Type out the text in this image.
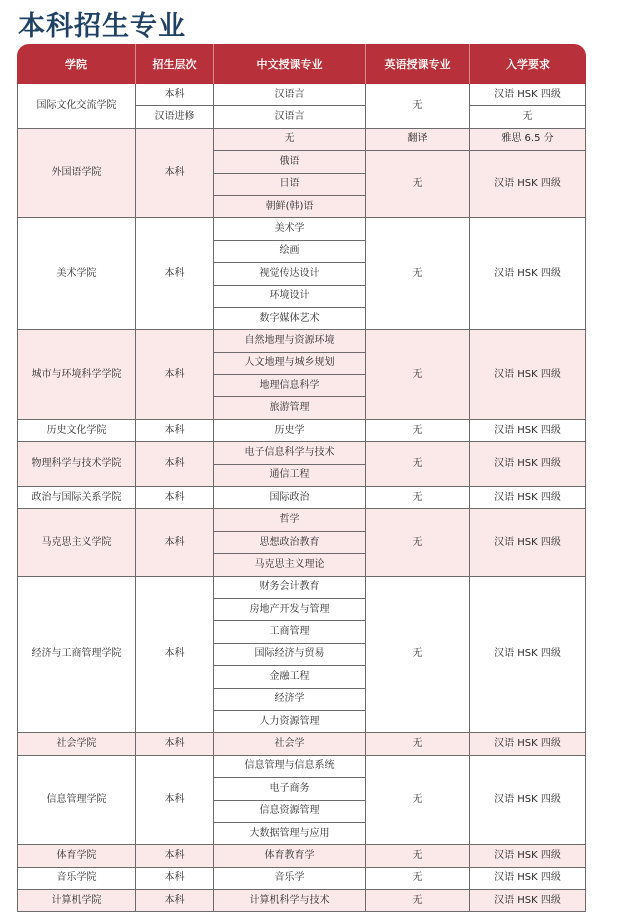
本科招生专业
学院	招生层次	中文授课专业	英语授课专业	入学要求
国际文化交流学院	本科	汉语言	无	汉语 HSK 四级
	汉语进修	汉语言		无
外国语学院	本科	无	翻译	雅思 6.5 分
		俄语	无	汉语 HSK 四级
		日语		
		朝鲜(韩)语		
美术学院	本科	美术学	无	汉语 HSK 四级
		绘画		
		视觉传达设计		
		环境设计		
		数字媒体艺术		
城市与环境科学学院	本科	自然地理与资源环境	无	汉语 HSK 四级
		人文地理与城乡规划		
		地理信息科学		
		旅游管理		
历史文化学院	本科	历史学	无	汉语 HSK 四级
物理科学与技术学院	本科	电子信息科学与技术	无	汉语 HSK 四级
		通信工程		
政治与国际关系学院	本科	国际政治	无	汉语 HSK 四级
马克思主义学院	本科	哲学	无	汉语 HSK 四级
		思想政治教育		
		马克思主义理论		
经济与工商管理学院	本科	财务会计教育	无	汉语 HSK 四级
		房地产开发与管理		
		工商管理		
		国际经济与贸易		
		金融工程		
		经济学		
		人力资源管理		
社会学院	本科	社会学	无	汉语 HSK 四级
信息管理学院	本科	信息管理与信息系统	无	汉语 HSK 四级
		电子商务		
		信息资源管理		
		大数据管理与应用		
体育学院	本科	体育教育学	无	汉语 HSK 四级
音乐学院	本科	音乐学	无	汉语 HSK 四级
计算机学院	本科	计算机科学与技术	无	汉语 HSK 四级
